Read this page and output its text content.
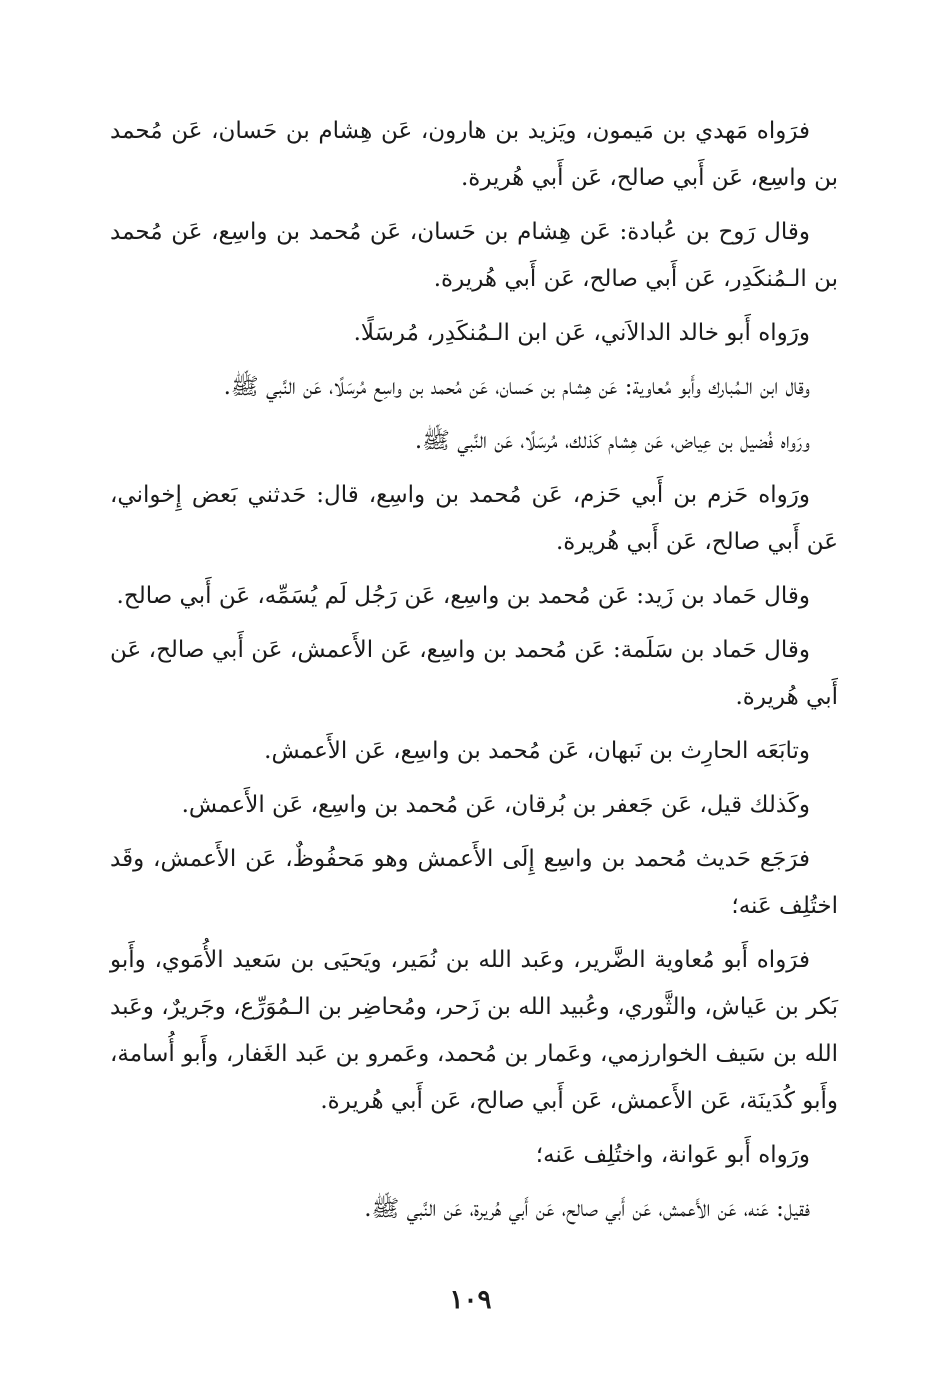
فرَواه مَهدي بن مَيمون، ويَزيد بن هارون، عَن هِشام بن حَسان، عَن مُحمد بن واسِع، عَن أَبي صالح، عَن أَبي هُريرة.

وقال رَوح بن عُبادة: عَن هِشام بن حَسان، عَن مُحمد بن واسِع، عَن مُحمد بن الـمُنكَدِر، عَن أَبي صالح، عَن أَبي هُريرة.

ورَواه أَبو خالد الدالاَني، عَن ابن الـمُنكَدِر، مُرسَلًا.

وقال ابن الـمُبارك وأَبو مُعاوية: عَن هِشام بن حَسان، عَن مُحمد بن واسِع مُرسَلًا، عَن النَّبي ﷺ.

ورَواه فُضيل بن عِياض، عَن هِشام كَذلك، مُرسَلًا، عَن النَّبي ﷺ.

ورَواه حَزم بن أَبي حَزم، عَن مُحمد بن واسِع، قال: حَدثني بَعض إِخواني، عَن أَبي صالح، عَن أَبي هُريرة.

وقال حَماد بن زَيد: عَن مُحمد بن واسِع، عَن رَجُل لَم يُسَمِّه، عَن أَبي صالح.

وقال حَماد بن سَلَمة: عَن مُحمد بن واسِع، عَن الأَعمش، عَن أَبي صالح، عَن أَبي هُريرة.

وتابَعَه الحارِث بن نَبهان، عَن مُحمد بن واسِع، عَن الأَعمش.

وكَذلك قيل، عَن جَعفر بن بُرقان، عَن مُحمد بن واسِع، عَن الأَعمش.

فرَجَع حَديث مُحمد بن واسِع إِلَى الأَعمش وهو مَحفُوظٌ، عَن الأَعمش، وقَد اختُلِف عَنه؛

فرَواه أَبو مُعاوية الضَّرير، وعَبد الله بن نُمَير، ويَحيَى بن سَعيد الأُمَوي، وأَبو بَكر بن عَياش، والثَّوري، وعُبيد الله بن زَحر، ومُحاضِر بن الـمُوَرِّع، وجَريرٌ، وعَبد الله بن سَيف الخوارزمي، وعَمار بن مُحمد، وعَمرو بن عَبد الغَفار، وأَبو أُسامة، وأَبو كُدَينَة، عَن الأَعمش، عَن أَبي صالح، عَن أَبي هُريرة.

ورَواه أَبو عَوانة، واختُلِف عَنه؛

فقيل: عَنه، عَن الأَعمش، عَن أَبي صالح، عَن أَبي هُريرة، عَن النَّبي ﷺ.

١٠٩
